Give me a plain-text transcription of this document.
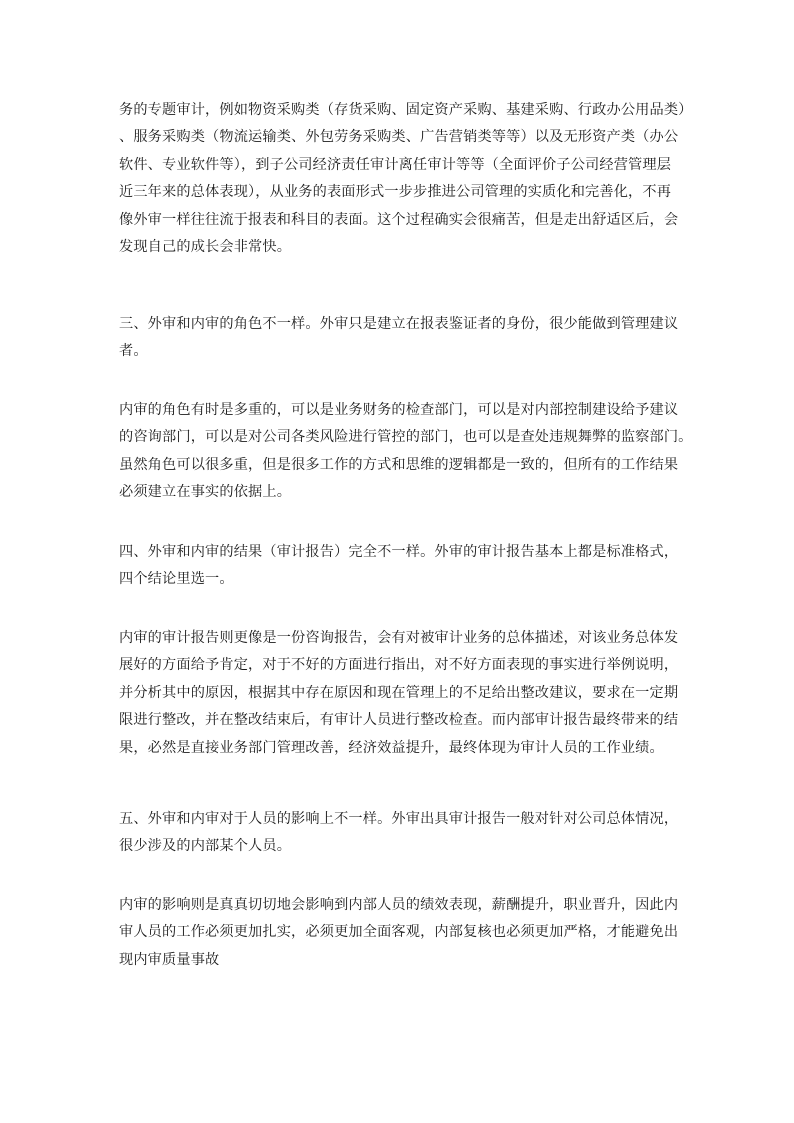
务的专题审计，例如物资采购类（存货采购、固定资产采购、基建采购、行政办公用品类）
、服务采购类（物流运输类、外包劳务采购类、广告营销类等等）以及无形资产类（办公
软件、专业软件等），到子公司经济责任审计离任审计等等（全面评价子公司经营管理层
近三年来的总体表现），从业务的表面形式一步步推进公司管理的实质化和完善化，不再
像外审一样往往流于报表和科目的表面。这个过程确实会很痛苦，但是走出舒适区后，会
发现自己的成长会非常快。
三、外审和内审的角色不一样。外审只是建立在报表鉴证者的身份，很少能做到管理建议
者。
内审的角色有时是多重的，可以是业务财务的检查部门，可以是对内部控制建设给予建议
的咨询部门，可以是对公司各类风险进行管控的部门，也可以是查处违规舞弊的监察部门。
虽然角色可以很多重，但是很多工作的方式和思维的逻辑都是一致的，但所有的工作结果
必须建立在事实的依据上。
四、外审和内审的结果（审计报告）完全不一样。外审的审计报告基本上都是标准格式，
四个结论里选一。
内审的审计报告则更像是一份咨询报告，会有对被审计业务的总体描述，对该业务总体发
展好的方面给予肯定，对于不好的方面进行指出，对不好方面表现的事实进行举例说明，
并分析其中的原因，根据其中存在原因和现在管理上的不足给出整改建议，要求在一定期
限进行整改，并在整改结束后，有审计人员进行整改检查。而内部审计报告最终带来的结
果，必然是直接业务部门管理改善，经济效益提升，最终体现为审计人员的工作业绩。
五、外审和内审对于人员的影响上不一样。外审出具审计报告一般对针对公司总体情况，
很少涉及的内部某个人员。
内审的影响则是真真切切地会影响到内部人员的绩效表现，薪酬提升，职业晋升，因此内
审人员的工作必须更加扎实，必须更加全面客观，内部复核也必须更加严格，才能避免出
现内审质量事故
